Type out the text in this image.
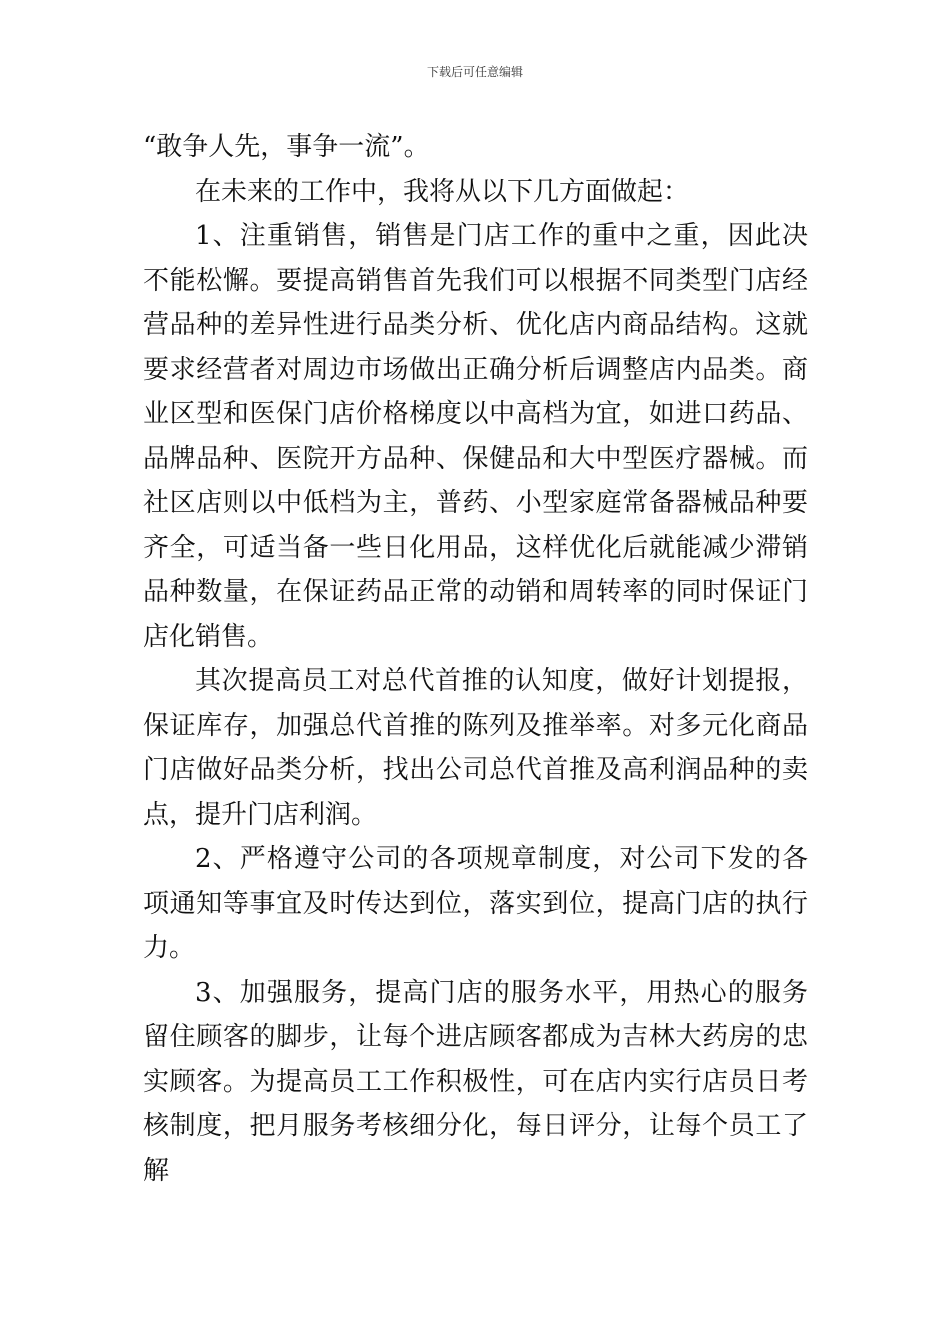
下载后可任意编辑

“敢争人先，事争一流”。

在未来的工作中，我将从以下几方面做起：

1、注重销售，销售是门店工作的重中之重，因此决不能松懈。要提高销售首先我们可以根据不同类型门店经营品种的差异性进行品类分析、优化店内商品结构。这就要求经营者对周边市场做出正确分析后调整店内品类。商业区型和医保门店价格梯度以中高档为宜，如进口药品、品牌品种、医院开方品种、保健品和大中型医疗器械。而社区店则以中低档为主，普药、小型家庭常备器械品种要齐全，可适当备一些日化用品，这样优化后就能减少滞销品种数量，在保证药品正常的动销和周转率的同时保证门店化销售。

其次提高员工对总代首推的认知度，做好计划提报，保证库存，加强总代首推的陈列及推举率。对多元化商品门店做好品类分析，找出公司总代首推及高利润品种的卖点，提升门店利润。

2、严格遵守公司的各项规章制度，对公司下发的各项通知等事宜及时传达到位，落实到位，提高门店的执行力。

3、加强服务，提高门店的服务水平，用热心的服务留住顾客的脚步，让每个进店顾客都成为吉林大药房的忠实顾客。为提高员工工作积极性，可在店内实行店员日考核制度，把月服务考核细分化，每日评分，让每个员工了解
